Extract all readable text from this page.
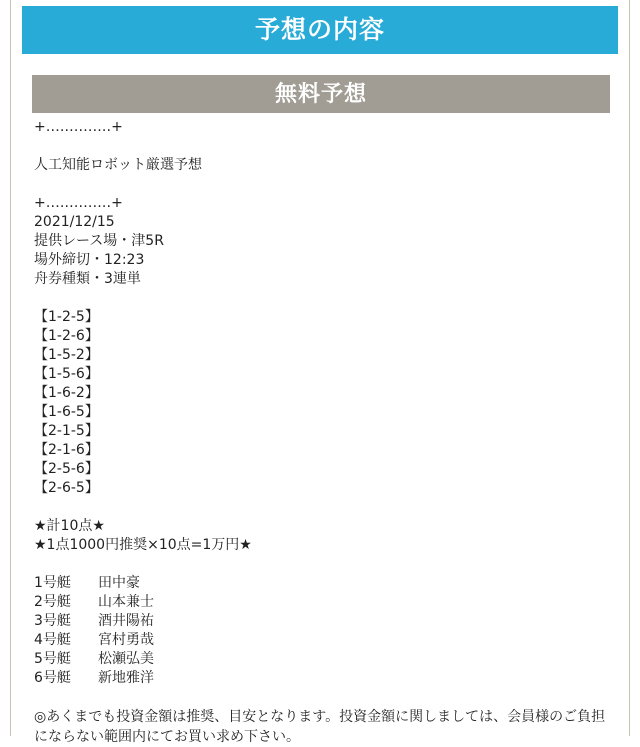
予想の内容
無料予想
+‥‥‥‥‥‥‥+
人工知能ロボット厳選予想
+‥‥‥‥‥‥‥+
2021/12/15
提供レース場・津5R
場外締切・12:23
舟券種類・3連単
【1-2-5】
【1-2-6】
【1-5-2】
【1-5-6】
【1-6-2】
【1-6-5】
【2-1-5】
【2-1-6】
【2-5-6】
【2-6-5】
★計10点★
★1点1000円推奨×10点=1万円★
1号艇 田中豪
2号艇 山本兼士
3号艇 酒井陽祐
4号艇 宮村勇哉
5号艇 松瀬弘美
6号艇 新地雅洋
◎あくまでも投資金額は推奨、目安となります。投資金額に関しましては、会員様のご負担にならない範囲内にてお買い求め下さい。
